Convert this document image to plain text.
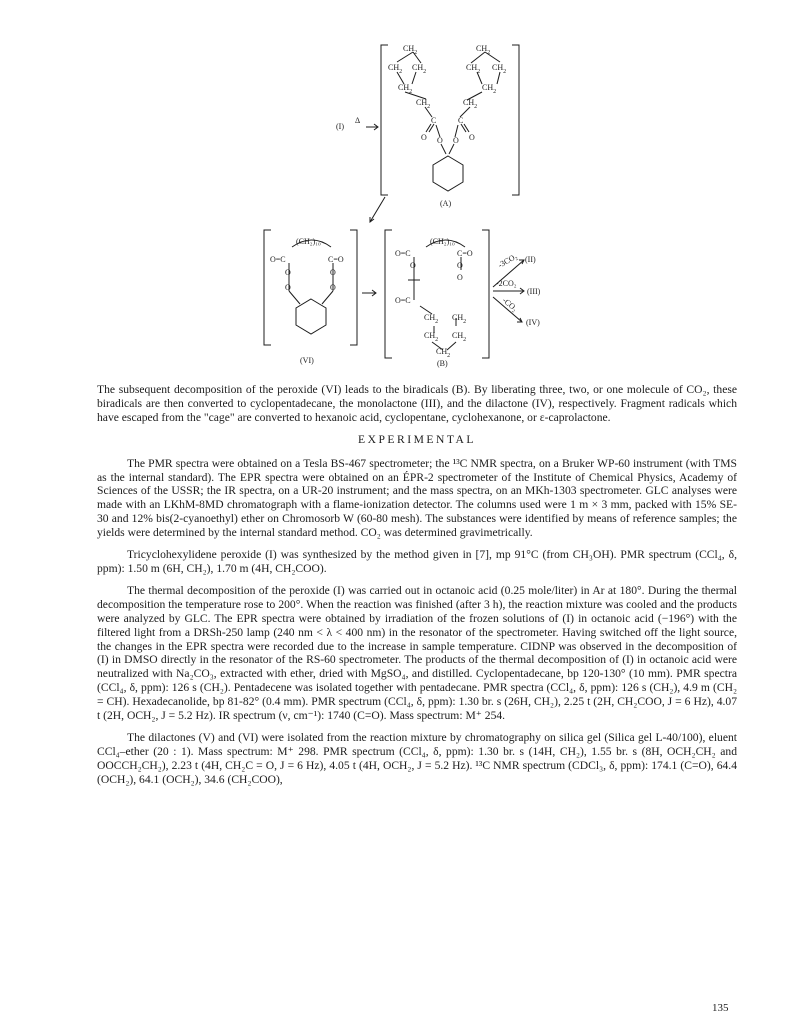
(I)
Δ
$CH_2$
$CH_2$ $CH_2$
$CH_2$
$CH_2$
$CH_2$
$CH_2$ $CH_2$
$CH_2$
$CH_2$
C	C
O	O
O O
(A)
(CH₂)₁₀
O=C	C=O
O	O
O	O
(VI)
(CH₂)₁₀
O=C	C=O
O	O
O
O=C
$CH_2$ $CH_2$
$CH_2$ $CH_2$
$CH_2$
(B)
-3CO₂ (II)
-2CO₂
(III)
-CO₂
(IV)

The subsequent decomposition of the peroxide (VI) leads to the biradicals (B). By liberating three, two, or one molecule of CO₂, these biradicals are then converted to cyclopentadecane, the monolactone (III), and the dilactone (IV), respectively. Fragment radicals which have escaped from the "cage" are converted to hexanoic acid, cyclopentane, cyclohexanone, or ε-caprolactone.

EXPERIMENTAL

The PMR spectra were obtained on a Tesla BS-467 spectrometer; the ¹³C NMR spectra, on a Bruker WP-60 instrument (with TMS as the internal standard). The EPR spectra were obtained on an ÉPR-2 spectrometer of the Institute of Chemical Physics, Academy of Sciences of the USSR; the IR spectra, on a UR-20 instrument; and the mass spectra, on an MKh-1303 spectrometer. GLC analyses were made with an LKhM-8MD chromatograph with a flame-ionization detector. The columns used were 1 m × 3 mm, packed with 15% SE-30 and 12% bis(2-cyanoethyl) ether on Chromosorb W (60-80 mesh). The substances were identified by means of reference samples; the yields were determined by the internal standard method. CO₂ was determined gravimetrically.

Tricyclohexylidene peroxide (I) was synthesized by the method given in [7], mp 91°C (from CH₃OH). PMR spectrum (CCl₄, δ, ppm): 1.50 m (6H, CH₂), 1.70 m (4H, CH₂COO).

The thermal decomposition of the peroxide (I) was carried out in octanoic acid (0.25 mole/liter) in Ar at 180°. During the thermal decomposition the temperature rose to 200°. When the reaction was finished (after 3 h), the reaction mixture was cooled and the products were analyzed by GLC. The EPR spectra were obtained by irradiation of the frozen solutions of (I) in octanoic acid (−196°) with the filtered light from a DRSh-250 lamp (240 nm < λ < 400 nm) in the resonator of the spectrometer. Having switched off the light source, the changes in the EPR spectra were recorded due to the increase in sample temperature. CIDNP was observed in the decomposition of (I) in DMSO directly in the resonator of the RS-60 spectrometer. The products of the thermal decomposition of (I) in octanoic acid were neutralized with Na₂CO₃, extracted with ether, dried with MgSO₄, and distilled. Cyclopentadecane, bp 120-130° (10 mm). PMR spectra (CCl₄, δ, ppm): 126 s (CH₂). Pentadecene was isolated together with pentadecane. PMR spectra (CCl₄, δ, ppm): 126 s (CH₂), 4.9 m (CH₂ = CH). Hexadecanolide, bp 81-82° (0.4 mm). PMR spectrum (CCl₄, δ, ppm): 1.30 br. s (26H, CH₂), 2.25 t (2H, CH₂COO, J = 6 Hz), 4.07 t (2H, OCH₂, J = 5.2 Hz). IR spectrum (ν, cm⁻¹): 1740 (C=O). Mass spectrum: M⁺ 254.

The dilactones (V) and (VI) were isolated from the reaction mixture by chromatography on silica gel (Silica gel L-40/100), eluent CCl₄–ether (20 : 1). Mass spectrum: M⁺ 298. PMR spectrum (CCl₄, δ, ppm): 1.30 br. s (14H, CH₂), 1.55 br. s (8H, OCH₂CH₂ and OOCCH₂CH₂), 2.23 t (4H, CH₂C = O, J = 6 Hz), 4.05 t (4H, OCH₂, J = 5.2 Hz). ¹³C NMR spectrum (CDCl₃, δ, ppm): 174.1 (C=O), 64.4 (OCH₂), 64.1 (OCH₂), 34.6 (CH₂COO),

135
